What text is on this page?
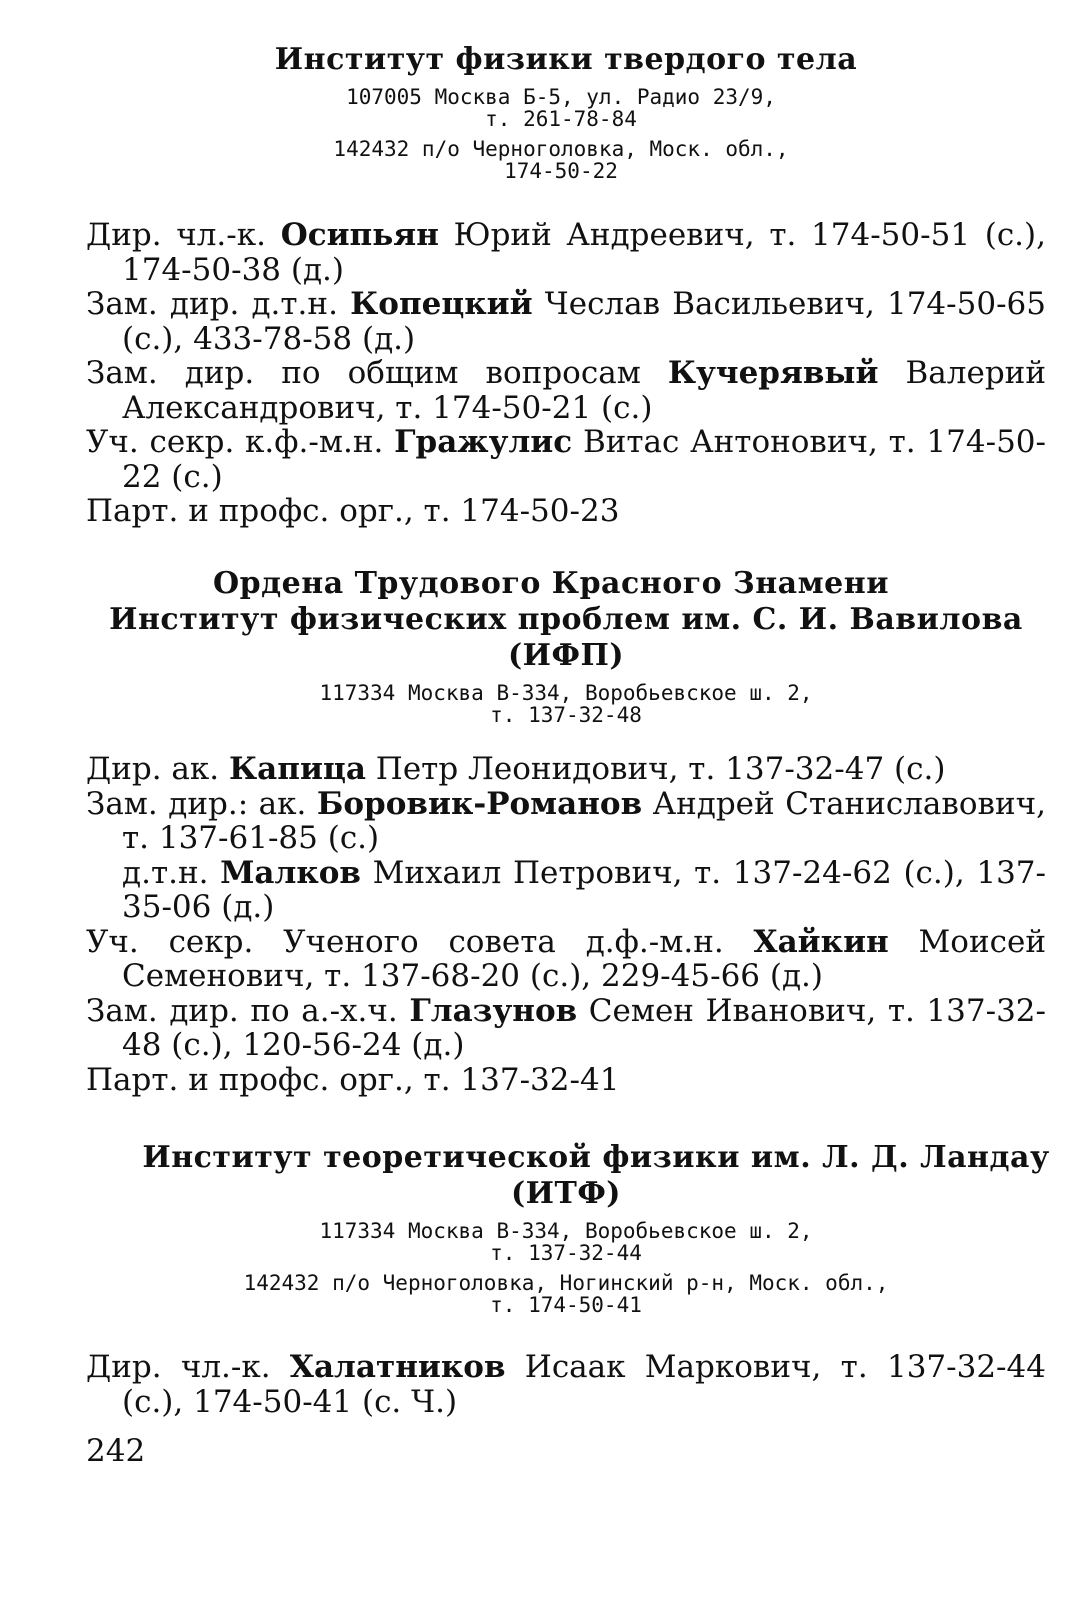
Институт физики твердого тела

107005 Москва Б-5, ул. Радио 23/9,
т. 261-78-84
142432 п/о Черноголовка, Моск. обл.,
174-50-22

Дир. чл.-к. Осипьян Юрий Андреевич, т. 174-50-51 (с.), 174-50-38 (д.)

Зам. дир. д.т.н. Копецкий Чеслав Васильевич, 174-50-65 (с.), 433-78-58 (д.)

Зам. дир. по общим вопросам Кучерявый Валерий Александрович, т. 174-50-21 (с.)

Уч. секр. к.ф.-м.н. Гражулис Витас Антонович, т. 174-50-22 (с.)

Парт. и профс. орг., т. 174-50-23

Ордена Трудового Красного Знамени

Институт физических проблем им. С. И. Вавилова

(ИФП)

117334 Москва В-334, Воробьевское ш. 2,
т. 137-32-48

Дир. ак. Капица Петр Леонидович, т. 137-32-47 (с.)

Зам. дир.: ак. Боровик-Романов Андрей Станиславович, т. 137-61-85 (с.)

д.т.н. Малков Михаил Петрович, т. 137-24-62 (с.), 137-35-06 (д.)

Уч. секр. Ученого совета д.ф.-м.н. Хайкин Моисей Семенович, т. 137-68-20 (с.), 229-45-66 (д.)

Зам. дир. по а.-х.ч. Глазунов Семен Иванович, т. 137-32-48 (с.), 120-56-24 (д.)

Парт. и профс. орг., т. 137-32-41

Институт теоретической физики им. Л. Д. Ландау

(ИТФ)

117334 Москва В-334, Воробьевское ш. 2,
т. 137-32-44
142432 п/о Черноголовка, Ногинский р-н, Моск. обл.,
т. 174-50-41

Дир. чл.-к. Халатников Исаак Маркович, т. 137-32-44 (с.), 174-50-41 (с. Ч.)

242
